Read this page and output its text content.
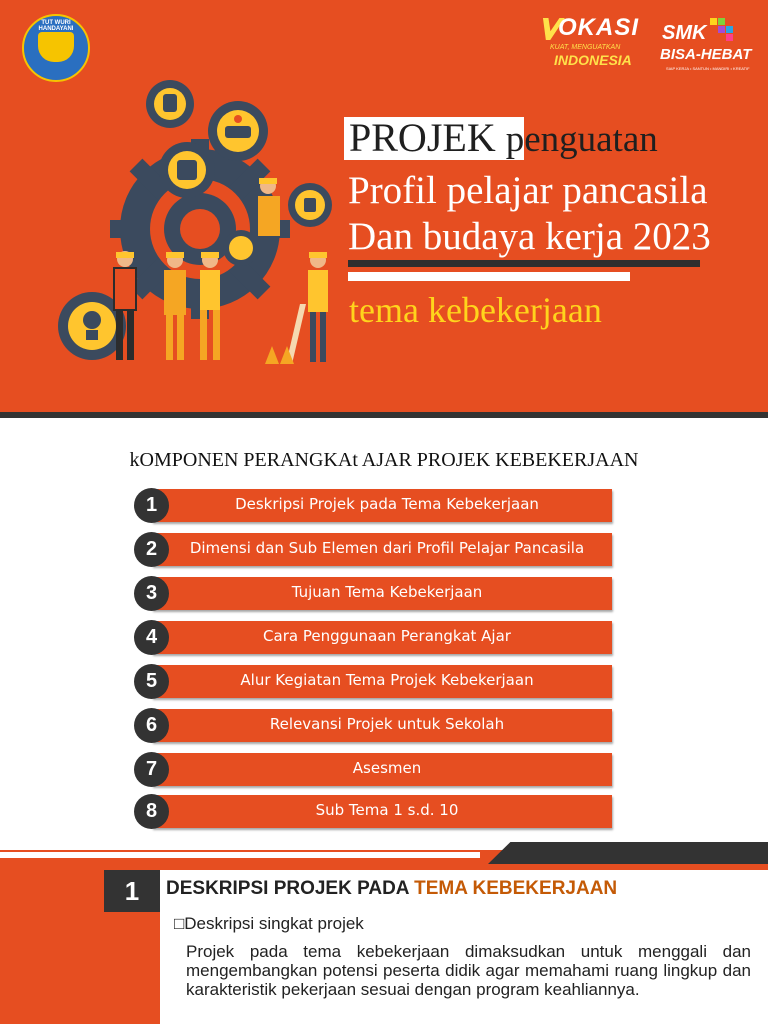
TUT WURI HANDAYANI	OKASI
KUAT, MENGUATKAN
INDONESIA
SMK
BISA-HEBAT
SIAP KERJA • SANTUN • MANDIRI • KREATIF
PROJEK penguatan
Profil pelajar pancasila
Dan budaya kerja 2023
tema kebekerjaan
kOMPONEN PERANGKAt AJAR PROJEK KEBEKERJAAN
1	Deskripsi Projek pada Tema Kebekerjaan
2	Dimensi dan Sub Elemen dari Profil Pelajar Pancasila
3	Tujuan Tema Kebekerjaan
4	Cara Penggunaan Perangkat Ajar
5	Alur Kegiatan Tema Projek Kebekerjaan
6	Relevansi Projek untuk Sekolah
7	Asesmen
8	Sub Tema 1 s.d. 10
1	DESKRIPSI PROJEK PADA TEMA KEBEKERJAAN
□Deskripsi singkat projek
Projek pada tema kebekerjaan dimaksudkan untuk menggali dan mengembangkan potensi peserta didik agar memahami ruang lingkup dan karakteristik pekerjaan sesuai dengan program keahliannya.
